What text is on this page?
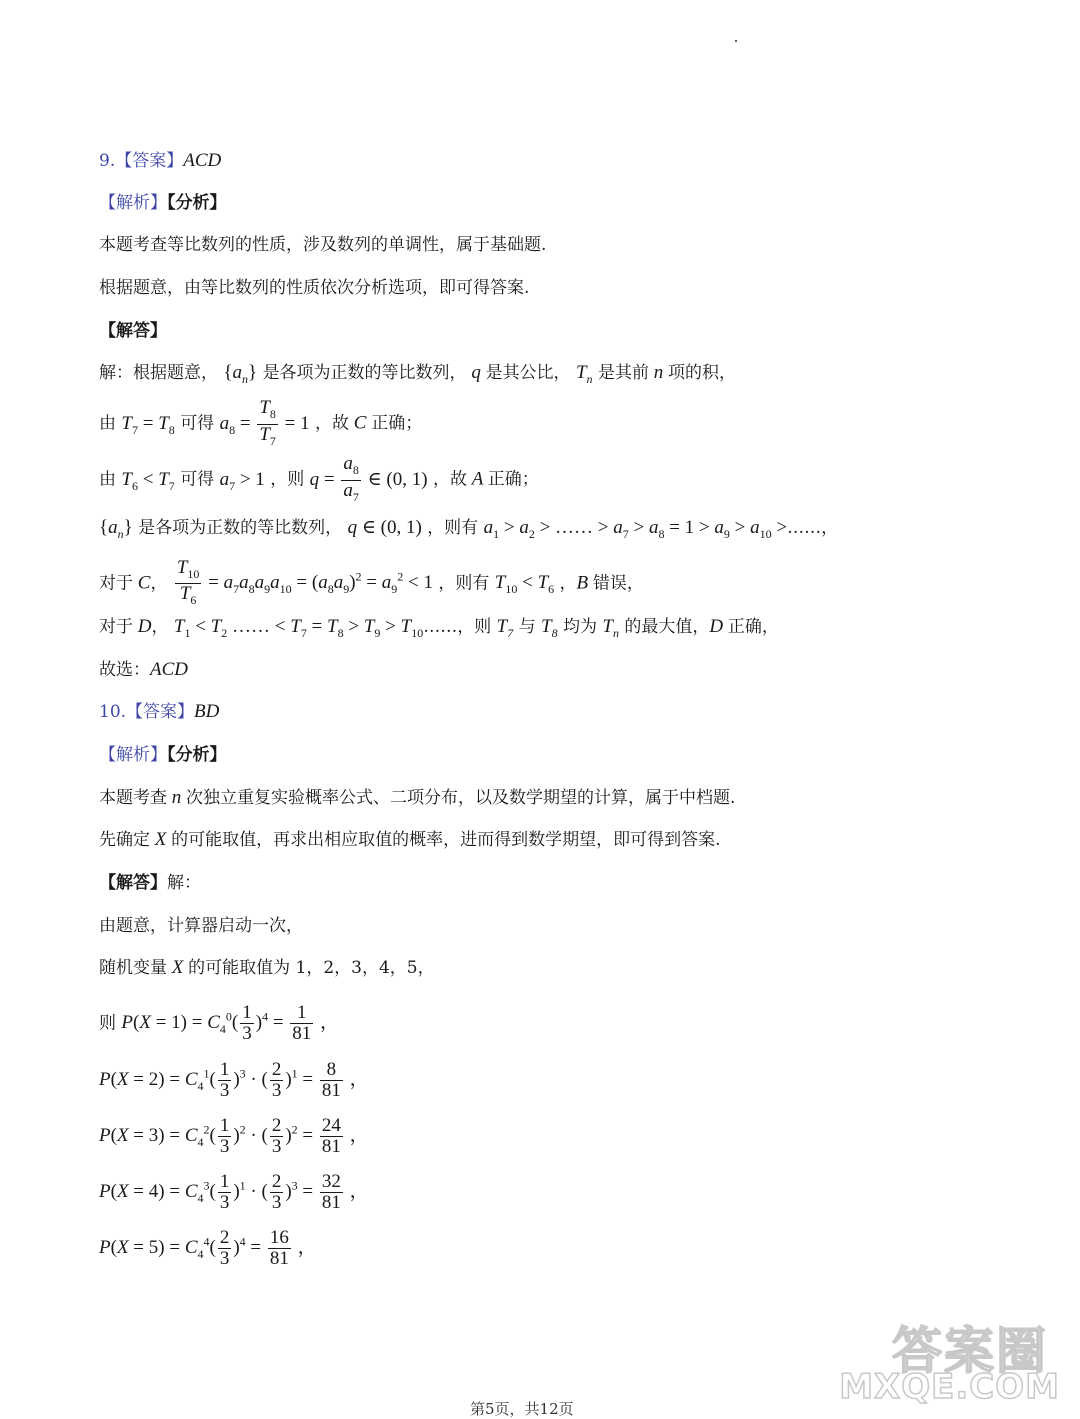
9.【答案】ACD
【解析】【分析】
本题考查等比数列的性质，涉及数列的单调性，属于基础题.
根据题意，由等比数列的性质依次分析选项，即可得答案.
【解答】
解：根据题意， $\{a_n\}$ 是各项为正数的等比数列， q 是其公比， $T_n$ 是其前 n 项的积，
由 $T_7 = T_8$ 可得 $a_8 = \frac{T_8}{T_7} = 1$ ，故 C 正确；
由 $T_6 < T_7$ 可得 $a_7 > 1$ ，则 $q = \frac{a_8}{a_7}$ ∈ (0, 1) ，故 A 正确；
$\{a_n\}$ 是各项为正数的等比数列， q ∈ (0, 1) ，则有 $a_1 > a_2$ > …… > $a_7 > a_8 = 1 > a_9 > a_{10}$ >……，
对于 C， $\frac{T_{10}}{T_6} = a_7a_8a_9a_{10} = (a_8a_9)^2 = a_9^2 < 1$ ，则有 $T_{10} < T_6$ ，B 错误，
对于 D， $T_1 < T_2$ …… < $T_7 = T_8 > T_9$ > $T_{10}\dots\dots$，则 $T_7$ 与 $T_8$ 均为 $T_n$ 的最大值，D 正确，
故选：ACD
10.【答案】BD
【解析】【分析】
本题考查 n 次独立重复实验概率公式、二项分布，以及数学期望的计算，属于中档题.
先确定 X 的可能取值，再求出相应取值的概率，进而得到数学期望，即可得到答案.
【解答】解：
由题意，计算器启动一次，
随机变量 X 的可能取值为 1，2，3，4，5，
则 $P(X = 1) = C_4^0( \frac{1}{3} )^4 = \frac{1}{81}$ ，
$P(X = 2) = C_4^1( \frac{1}{3} )^3$ · ( $\frac{2}{3} )^1 = \frac{8}{81}$ ，
$P(X = 3) = C_4^2( \frac{1}{3} )^2$ · ( $\frac{2}{3} )^2 = \frac{24}{81}$ ，
$P(X = 4) = C_4^3( \frac{1}{3} )^1$ · ( $\frac{2}{3} )^3 = \frac{32}{81}$ ，
$P(X = 5) = C_4^4( \frac{2}{3} )^4 = \frac{16}{81}$ ，
第5页，共12页
答案圈
MXQE.COM
